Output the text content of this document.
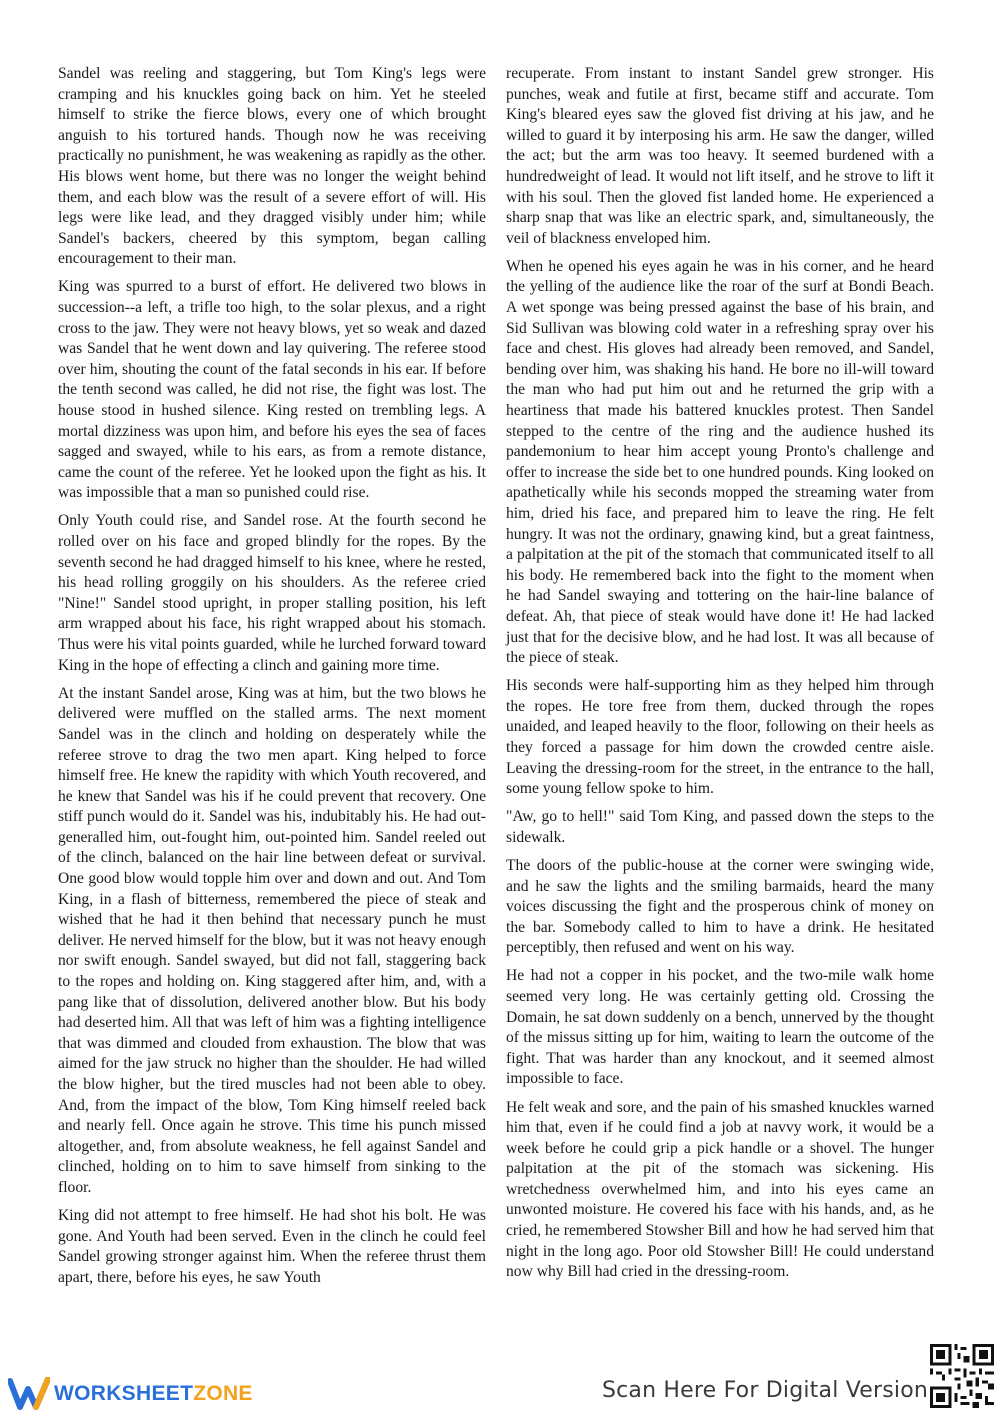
Sandel was reeling and staggering, but Tom King's legs were cramping and his knuckles going back on him. Yet he steeled himself to strike the fierce blows, every one of which brought anguish to his tortured hands. Though now he was receiving practically no punishment, he was weakening as rapidly as the other. His blows went home, but there was no longer the weight behind them, and each blow was the result of a severe effort of will. His legs were like lead, and they dragged visibly under him; while Sandel's backers, cheered by this symptom, began calling encouragement to their man.

King was spurred to a burst of effort. He delivered two blows in succession--a left, a trifle too high, to the solar plexus, and a right cross to the jaw. They were not heavy blows, yet so weak and dazed was Sandel that he went down and lay quivering. The referee stood over him, shouting the count of the fatal seconds in his ear. If before the tenth second was called, he did not rise, the fight was lost. The house stood in hushed silence. King rested on trembling legs. A mortal dizziness was upon him, and before his eyes the sea of faces sagged and swayed, while to his ears, as from a remote distance, came the count of the referee. Yet he looked upon the fight as his. It was impossible that a man so punished could rise.

Only Youth could rise, and Sandel rose. At the fourth second he rolled over on his face and groped blindly for the ropes. By the seventh second he had dragged himself to his knee, where he rested, his head rolling groggily on his shoulders. As the referee cried "Nine!" Sandel stood upright, in proper stalling position, his left arm wrapped about his face, his right wrapped about his stomach. Thus were his vital points guarded, while he lurched forward toward King in the hope of effecting a clinch and gaining more time.

At the instant Sandel arose, King was at him, but the two blows he delivered were muffled on the stalled arms. The next moment Sandel was in the clinch and holding on desperately while the referee strove to drag the two men apart. King helped to force himself free. He knew the rapidity with which Youth recovered, and he knew that Sandel was his if he could prevent that recovery. One stiff punch would do it. Sandel was his, indubitably his. He had out-generalled him, out-fought him, out-pointed him. Sandel reeled out of the clinch, balanced on the hair line between defeat or survival. One good blow would topple him over and down and out. And Tom King, in a flash of bitterness, remembered the piece of steak and wished that he had it then behind that necessary punch he must deliver. He nerved himself for the blow, but it was not heavy enough nor swift enough. Sandel swayed, but did not fall, staggering back to the ropes and holding on. King staggered after him, and, with a pang like that of dissolution, delivered another blow. But his body had deserted him. All that was left of him was a fighting intelligence that was dimmed and clouded from exhaustion. The blow that was aimed for the jaw struck no higher than the shoulder. He had willed the blow higher, but the tired muscles had not been able to obey. And, from the impact of the blow, Tom King himself reeled back and nearly fell. Once again he strove. This time his punch missed altogether, and, from absolute weakness, he fell against Sandel and clinched, holding on to him to save himself from sinking to the floor.

King did not attempt to free himself. He had shot his bolt. He was gone. And Youth had been served. Even in the clinch he could feel Sandel growing stronger against him. When the referee thrust them apart, there, before his eyes, he saw Youth

recuperate. From instant to instant Sandel grew stronger. His punches, weak and futile at first, became stiff and accurate. Tom King's bleared eyes saw the gloved fist driving at his jaw, and he willed to guard it by interposing his arm. He saw the danger, willed the act; but the arm was too heavy. It seemed burdened with a hundredweight of lead. It would not lift itself, and he strove to lift it with his soul. Then the gloved fist landed home. He experienced a sharp snap that was like an electric spark, and, simultaneously, the veil of blackness enveloped him.

When he opened his eyes again he was in his corner, and he heard the yelling of the audience like the roar of the surf at Bondi Beach. A wet sponge was being pressed against the base of his brain, and Sid Sullivan was blowing cold water in a refreshing spray over his face and chest. His gloves had already been removed, and Sandel, bending over him, was shaking his hand. He bore no ill-will toward the man who had put him out and he returned the grip with a heartiness that made his battered knuckles protest. Then Sandel stepped to the centre of the ring and the audience hushed its pandemonium to hear him accept young Pronto's challenge and offer to increase the side bet to one hundred pounds. King looked on apathetically while his seconds mopped the streaming water from him, dried his face, and prepared him to leave the ring. He felt hungry. It was not the ordinary, gnawing kind, but a great faintness, a palpitation at the pit of the stomach that communicated itself to all his body. He remembered back into the fight to the moment when he had Sandel swaying and tottering on the hair-line balance of defeat. Ah, that piece of steak would have done it! He had lacked just that for the decisive blow, and he had lost. It was all because of the piece of steak.

His seconds were half-supporting him as they helped him through the ropes. He tore free from them, ducked through the ropes unaided, and leaped heavily to the floor, following on their heels as they forced a passage for him down the crowded centre aisle. Leaving the dressing-room for the street, in the entrance to the hall, some young fellow spoke to him.

"Aw, go to hell!" said Tom King, and passed down the steps to the sidewalk.

The doors of the public-house at the corner were swinging wide, and he saw the lights and the smiling barmaids, heard the many voices discussing the fight and the prosperous chink of money on the bar. Somebody called to him to have a drink. He hesitated perceptibly, then refused and went on his way.

He had not a copper in his pocket, and the two-mile walk home seemed very long. He was certainly getting old. Crossing the Domain, he sat down suddenly on a bench, unnerved by the thought of the missus sitting up for him, waiting to learn the outcome of the fight. That was harder than any knockout, and it seemed almost impossible to face.

He felt weak and sore, and the pain of his smashed knuckles warned him that, even if he could find a job at navvy work, it would be a week before he could grip a pick handle or a shovel. The hunger palpitation at the pit of the stomach was sickening. His wretchedness overwhelmed him, and into his eyes came an unwonted moisture. He covered his face with his hands, and, as he cried, he remembered Stowsher Bill and how he had served him that night in the long ago. Poor old Stowsher Bill! He could understand now why Bill had cried in the dressing-room.

WORKSHEETZONE	Scan Here For Digital Version
